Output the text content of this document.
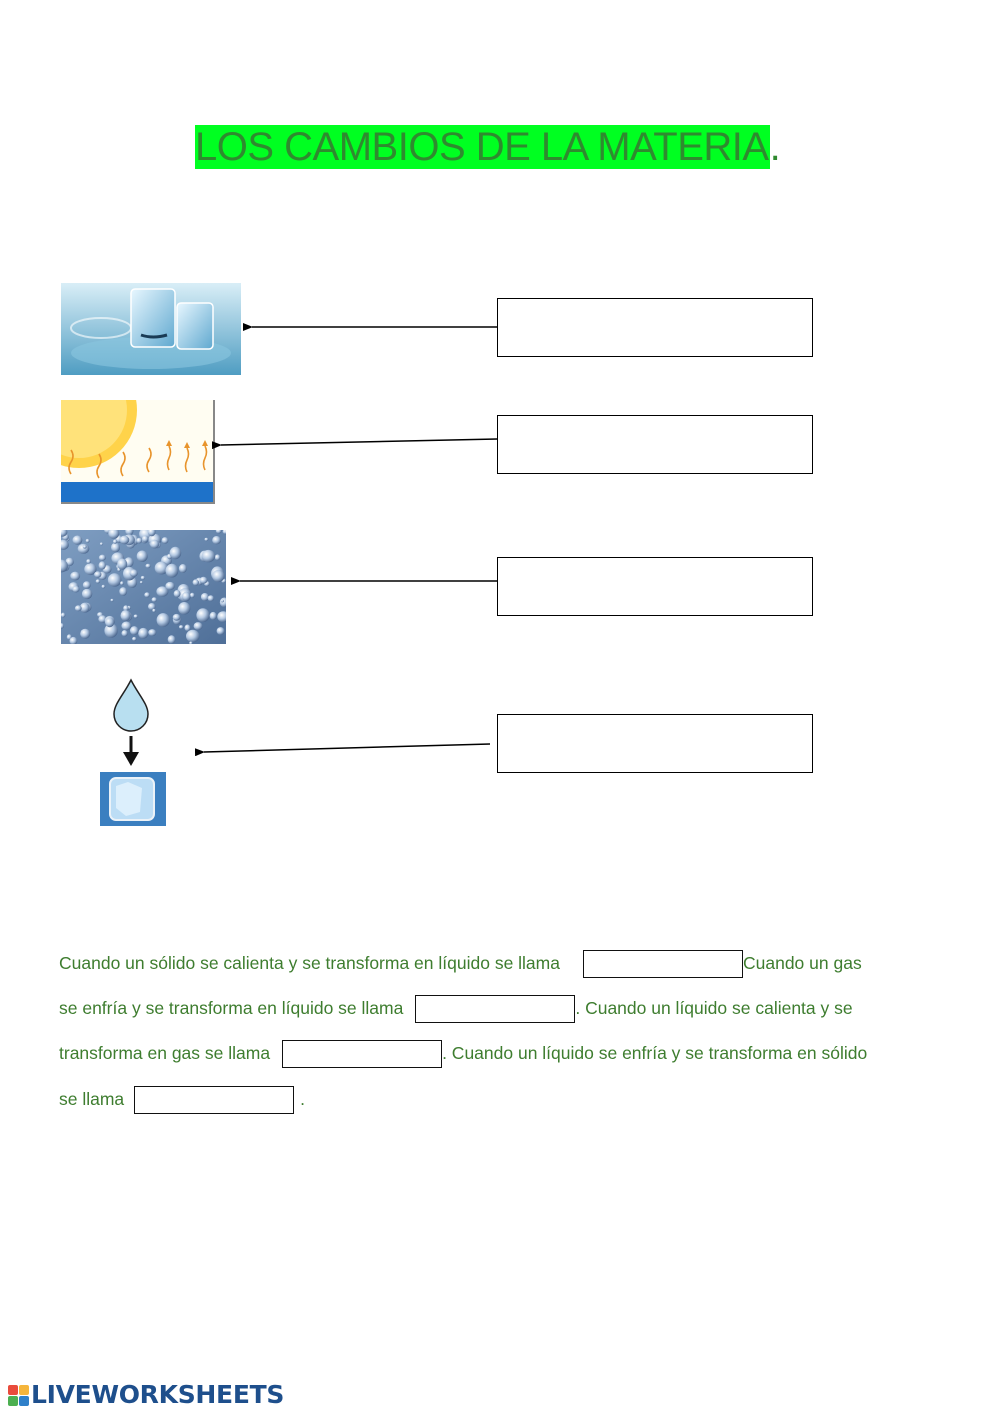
LOS CAMBIOS DE LA MATERIA.
Cuando un sólido se calienta y se transforma en líquido se llama	Cuando un gas
se enfría y se transforma en líquido se llama	. Cuando un líquido se calienta y se
transforma en gas se llama	. Cuando un líquido se enfría y se transforma en sólido
se llama	.
LIVEWORKSHEETS
